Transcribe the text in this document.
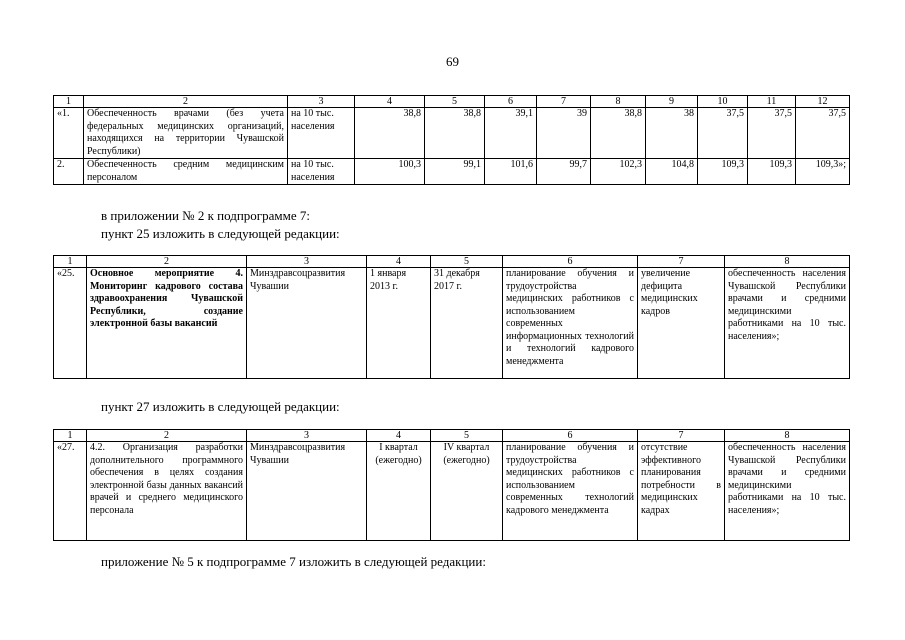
69
1	2	3	4	5	6	7	8	9	10	11	12
«1.	Обеспеченность врачами (без учета федеральных медицинских организаций, находящихся на территории Чувашской Республики)	на 10 тыс. населения	38,8	38,8	39,1	39	38,8	38	37,5	37,5	37,5
2.	Обеспеченность средним медицинским персоналом	на 10 тыс. населения	100,3	99,1	101,6	99,7	102,3	104,8	109,3	109,3	109,3»;
в приложении № 2 к подпрограмме 7:
пункт 25 изложить в следующей редакции:
1	2	3	4	5	6	7	8
«25.	Основное мероприятие 4. Мониторинг кадрового состава здравоохранения Чувашской Республики, создание электронной базы вакансий	Минздравсоцразвития Чувашии	1 января 2013 г.	31 декабря 2017 г.	планирование обучения и трудоустройства медицинских работников с использованием современных информационных технологий и технологий кадрового менеджмента	увеличение дефицита медицинских кадров	обеспеченность населения Чувашской Республики врачами и средними медицинскими работниками на 10 тыс. населения»;
пункт 27 изложить в следующей редакции:
1	2	3	4	5	6	7	8
«27.	4.2. Организация разработки дополнительного программного обеспечения в целях создания электронной базы данных вакансий врачей и среднего медицинского персонала	Минздравсоцразвития Чувашии	I квартал (ежегодно)	IV квартал (ежегодно)	планирование обучения и трудоустройства медицинских работников с использованием современных технологий кадрового менеджмента	отсутствие эффективного планирования потребности в медицинских кадрах	обеспеченность населения Чувашской Республики врачами и средними медицинскими работниками на 10 тыс. населения»;
приложение № 5 к подпрограмме 7 изложить в следующей редакции:
